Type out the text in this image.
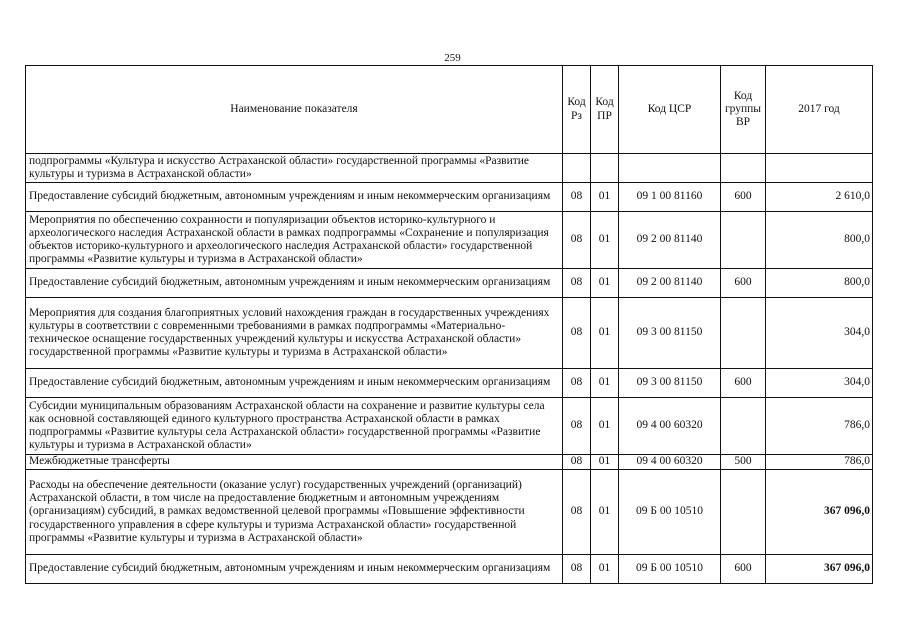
259
Наименование показателя	Код Рз	Код ПР	Код ЦСР	Код группы ВР	2017 год
подпрограммы «Культура и искусство Астраханской области» государственной программы «Развитие культуры и туризма в Астраханской области»					
Предоставление субсидий бюджетным, автономным учреждениям и иным некоммерческим организациям	08	01	09 1 00 81160	600	2 610,0
Мероприятия по обеспечению сохранности и популяризации объектов историко-культурного и археологического наследия Астраханской области в рамках подпрограммы «Сохранение и популяризация объектов историко-культурного и археологического наследия Астраханской области» государственной программы «Развитие культуры и туризма в Астраханской области»	08	01	09 2 00 81140		800,0
Предоставление субсидий бюджетным, автономным учреждениям и иным некоммерческим организациям	08	01	09 2 00 81140	600	800,0
Мероприятия для создания благоприятных условий нахождения граждан в государственных учреждениях культуры в соответствии с современными требованиями в рамках подпрограммы «Материально-техническое оснащение государственных учреждений культуры и искусства Астраханской области» государственной программы «Развитие культуры и туризма в Астраханской области»	08	01	09 3 00 81150		304,0
Предоставление субсидий бюджетным, автономным учреждениям и иным некоммерческим организациям	08	01	09 3 00 81150	600	304,0
Субсидии муниципальным образованиям Астраханской области на сохранение и развитие культуры села как основной составляющей единого культурного пространства Астраханской области в рамках подпрограммы «Развитие культуры села Астраханской области» государственной программы «Развитие культуры и туризма в Астраханской области»	08	01	09 4 00 60320		786,0
Межбюджетные трансферты	08	01	09 4 00 60320	500	786,0
Расходы на обеспечение деятельности (оказание услуг) государственных учреждений (организаций) Астраханской области, в том числе на предоставление бюджетным и автономным учреждениям (организациям) субсидий, в рамках ведомственной целевой программы «Повышение эффективности государственного управления в сфере культуры и туризма Астраханской области» государственной программы «Развитие культуры и туризма в Астраханской области»	08	01	09 Б 00 10510		367 096,0
Предоставление субсидий бюджетным, автономным учреждениям и иным некоммерческим организациям	08	01	09 Б 00 10510	600	367 096,0
